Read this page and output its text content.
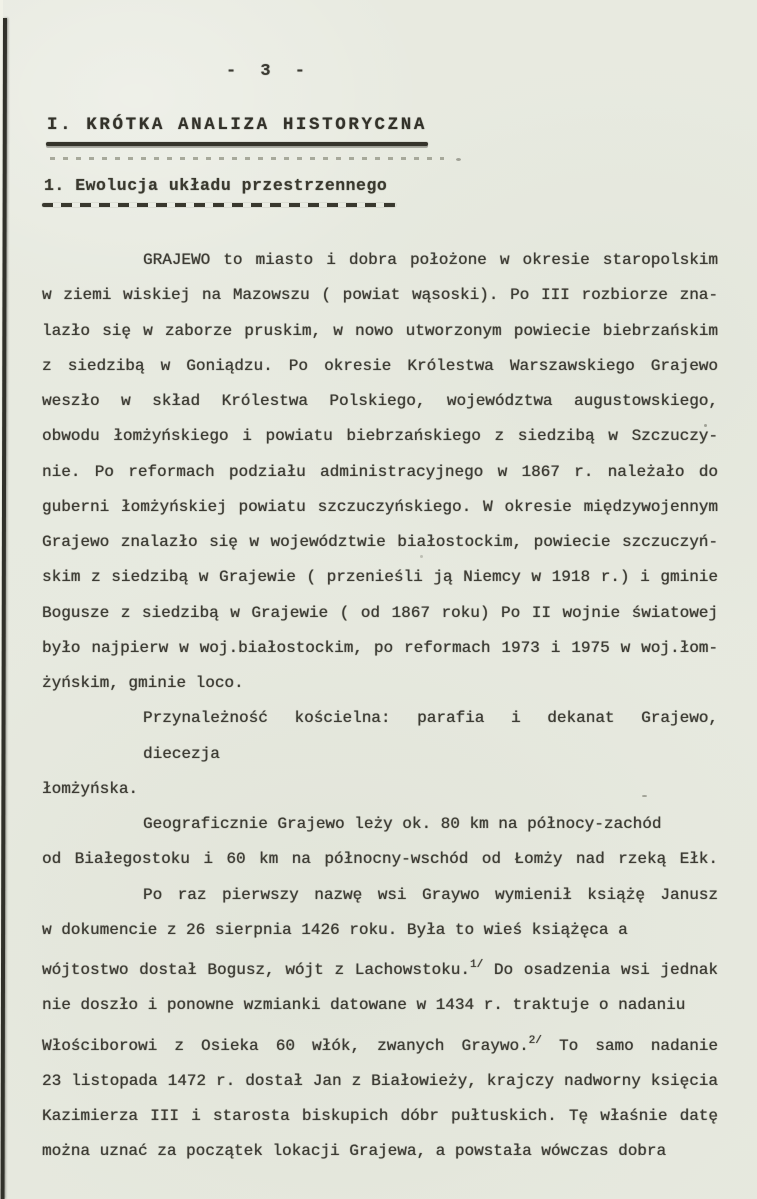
- 3 -
I. KRÓTKA ANALIZA HISTORYCZNA
1. Ewolucja układu przestrzennego
GRAJEWO to miasto i dobra położone w okresie staropolskim
w ziemi wiskiej na Mazowszu ( powiat wąsoski). Po III rozbiorze zna-
lazło się w zaborze pruskim, w nowo utworzonym powiecie biebrzańskim
z siedzibą w Goniądzu. Po okresie Królestwa Warszawskiego Grajewo
weszło w skład Królestwa Polskiego, województwa augustowskiego,
obwodu łomżyńskiego i powiatu biebrzańskiego z siedzibą w Szczuczy-
nie. Po reformach podziału administracyjnego w 1867 r. należało do
guberni łomżyńskiej powiatu szczuczyńskiego. W okresie międzywojennym
Grajewo znalazło się w województwie białostockim, powiecie szczuczyń-
skim z siedzibą w Grajewie ( przenieśli ją Niemcy w 1918 r.) i gminie
Bogusze z siedzibą w Grajewie ( od 1867 roku) Po II wojnie światowej
było najpierw w woj.białostockim, po reformach 1973 i 1975 w woj.łom-
żyńskim, gminie loco.
Przynależność kościelna: parafia i dekanat Grajewo, diecezja
łomżyńska.
Geograficznie Grajewo leży ok. 80 km na północy-zachód
od Białegostoku i 60 km na północny-wschód od Łomży nad rzeką Ełk.
Po raz pierwszy nazwę wsi Graywo wymienił książę Janusz
w dokumencie z 26 sierpnia 1426 roku. Była to wieś książęca a
wójtostwo dostał Bogusz, wójt z Lachowstoku.$^{1/}$ Do osadzenia wsi jednak
nie doszło i ponowne wzmianki datowane w 1434 r. traktuje o nadaniu
Włościborowi z Osieka 60 włók, zwanych Graywo.$^{2/}$ To samo nadanie
23 listopada 1472 r. dostał Jan z Białowieży, krajczy nadworny księcia
Kazimierza III i starosta biskupich dóbr pułtuskich. Tę właśnie datę
można uznać za początek lokacji Grajewa, a powstała wówczas dobra
